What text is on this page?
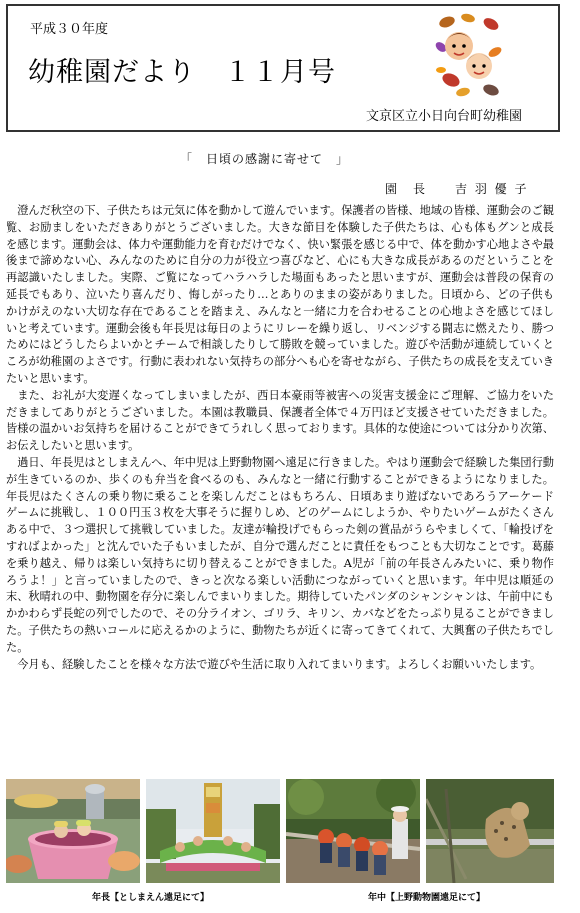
平成３０年度
幼稚園だより　１１月号
文京区立小日向台町幼稚園
「　日頃の感謝に寄せて　」
園　長　　 吉 羽 優 子

澄んだ秋空の下、子供たちは元気に体を動かして遊んでいます。保護者の皆様、地域の皆様、運動会のご観覧、お励ましをいただきありがとうございました。大きな節目を体験した子供たちは、心も体もグンと成長を感じます。運動会は、体力や運動能力を育むだけでなく、快い緊張を感じる中で、体を動かす心地よさや最後まで諦めない心、みんなのために自分の力が役立つ喜びなど、心にも大きな成長があるのだということを再認識いたしました。実際、ご覧になってハラハラした場面もあったと思いますが、運動会は普段の保育の延長でもあり、泣いたり喜んだり、悔しがったり…とありのままの姿がありました。日頃から、どの子供もかけがえのない大切な存在であることを踏まえ、みんなと一緒に力を合わせることの心地よさを感じてほしいと考えています。運動会後も年長児は毎日のようにリレーを繰り返し、リベンジする闘志に燃えたり、勝つためにはどうしたらよいかとチームで相談したりして勝敗を競っていました。遊びや活動が連続していくところが幼稚園のよさです。行動に表われない気持ちの部分へも心を寄せながら、子供たちの成長を支えていきたいと思います。

また、お礼が大変遅くなってしまいましたが、西日本豪雨等被害への災害支援金にご理解、ご協力をいただきましてありがとうございました。本園は教職員、保護者全体で４万円ほど支援させていただきました。皆様の温かいお気持ちを届けることができてうれしく思っております。具体的な使途については分かり次第、お伝えしたいと思います。

過日、年長児はとしまえんへ、年中児は上野動物園へ遠足に行きました。やはり運動会で経験した集団行動が生きているのか、歩くのも弁当を食べるのも、みんなと一緒に行動することができるようになりました。年長児はたくさんの乗り物に乗ることを楽しんだことはもちろん、日頃あまり遊ばないであろうアーケードゲームに挑戦し、１００円玉３枚を大事そうに握りしめ、どのゲームにしようか、やりたいゲームがたくさんある中で、３つ選択して挑戦していました。友達が輪投げでもらった剣の賞品がうらやましくて、「輪投げをすればよかった」と沈んでいた子もいましたが、自分で選んだことに責任をもつことも大切なことです。葛藤を乗り越え、帰りは楽しい気持ちに切り替えることができました。A児が「前の年長さんみたいに、乗り物作ろうよ！」と言っていましたので、きっと次なる楽しい活動につながっていくと思います。年中児は順延の末、秋晴れの中、動物園を存分に楽しんでまいりました。期待していたパンダのシャンシャンは、午前中にもかかわらず長蛇の列でしたので、その分ライオン、ゴリラ、キリン、カバなどをたっぷり見ることができました。子供たちの熱いコールに応えるかのように、動物たちが近くに寄ってきてくれて、大興奮の子供たちでした。

今月も、経験したことを様々な方法で遊びや生活に取り入れてまいります。よろしくお願いいたします。

年長【としまえん遠足にて】	年中【上野動物園遠足にて】
